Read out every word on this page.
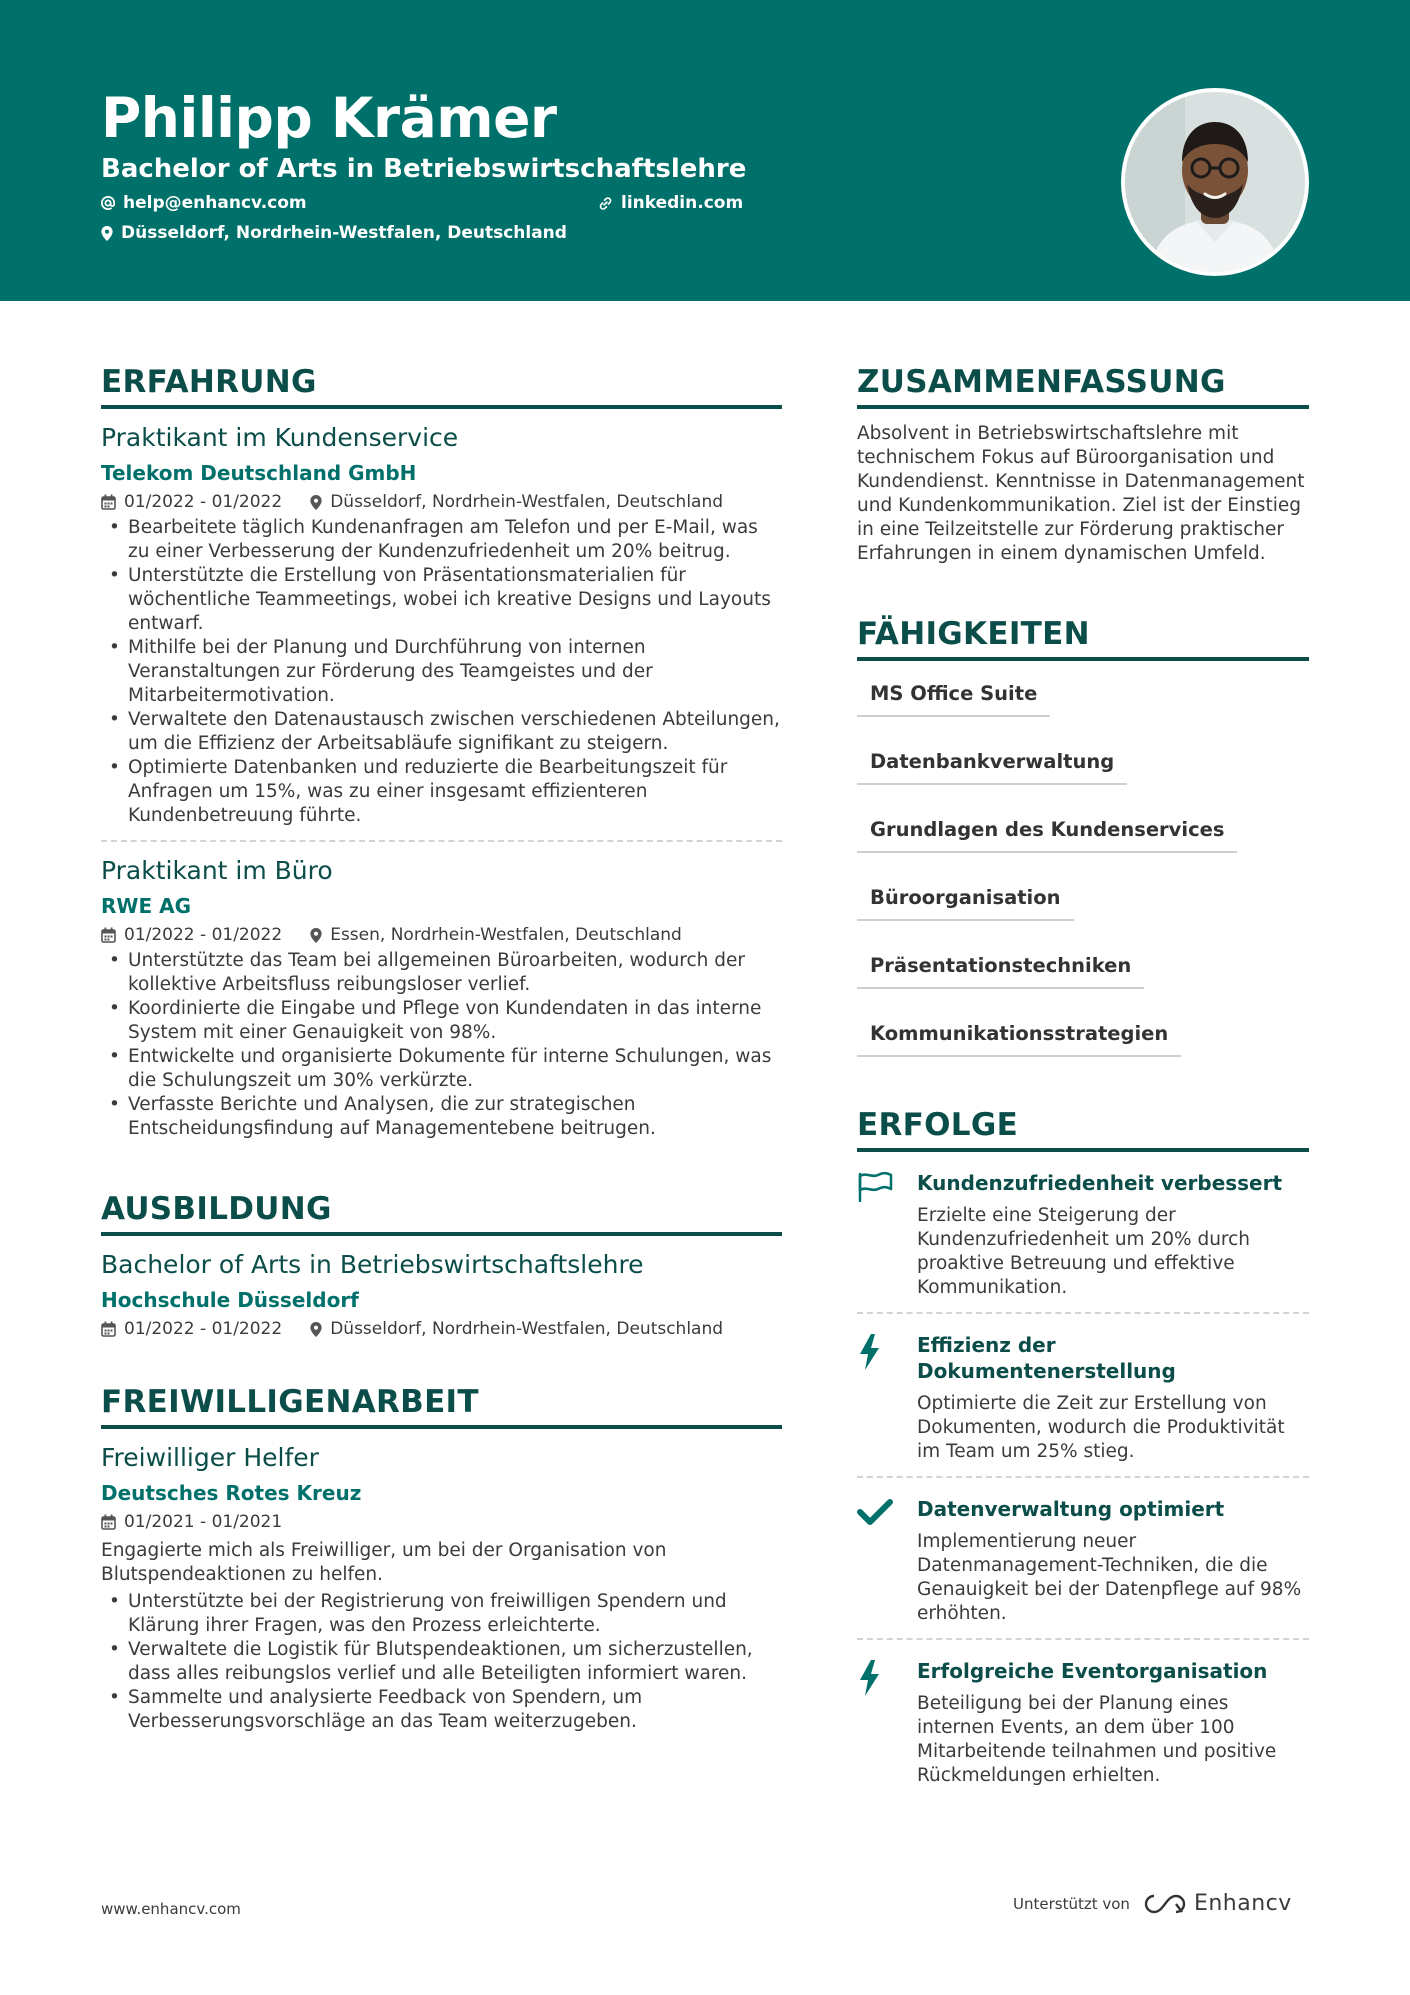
Philipp Krämer
Bachelor of Arts in Betriebswirtschaftslehre
help@enhancv.com	linkedin.com
Düsseldorf, Nordrhein-Westfalen, Deutschland
ERFAHRUNG
Praktikant im Kundenservice
Telekom Deutschland GmbH
01/2022 - 01/2022	Düsseldorf, Nordrhein-Westfalen, Deutschland
• Bearbeitete täglich Kundenanfragen am Telefon und per E-Mail, was zu einer Verbesserung der Kundenzufriedenheit um 20% beitrug.
• Unterstützte die Erstellung von Präsentationsmaterialien für wöchentliche Teammeetings, wobei ich kreative Designs und Layouts entwarf.
• Mithilfe bei der Planung und Durchführung von internen Veranstaltungen zur Förderung des Teamgeistes und der Mitarbeitermotivation.
• Verwaltete den Datenaustausch zwischen verschiedenen Abteilungen, um die Effizienz der Arbeitsabläufe signifikant zu steigern.
• Optimierte Datenbanken und reduzierte die Bearbeitungszeit für Anfragen um 15%, was zu einer insgesamt effizienteren Kundenbetreuung führte.
Praktikant im Büro
RWE AG
01/2022 - 01/2022	Essen, Nordrhein-Westfalen, Deutschland
• Unterstützte das Team bei allgemeinen Büroarbeiten, wodurch der kollektive Arbeitsfluss reibungsloser verlief.
• Koordinierte die Eingabe und Pflege von Kundendaten in das interne System mit einer Genauigkeit von 98%.
• Entwickelte und organisierte Dokumente für interne Schulungen, was die Schulungszeit um 30% verkürzte.
• Verfasste Berichte und Analysen, die zur strategischen Entscheidungsfindung auf Managementebene beitrugen.
AUSBILDUNG
Bachelor of Arts in Betriebswirtschaftslehre
Hochschule Düsseldorf
01/2022 - 01/2022	Düsseldorf, Nordrhein-Westfalen, Deutschland
FREIWILLIGENARBEIT
Freiwilliger Helfer
Deutsches Rotes Kreuz
01/2021 - 01/2021
Engagierte mich als Freiwilliger, um bei der Organisation von Blutspendeaktionen zu helfen.
• Unterstützte bei der Registrierung von freiwilligen Spendern und Klärung ihrer Fragen, was den Prozess erleichterte.
• Verwaltete die Logistik für Blutspendeaktionen, um sicherzustellen, dass alles reibungslos verlief und alle Beteiligten informiert waren.
• Sammelte und analysierte Feedback von Spendern, um Verbesserungsvorschläge an das Team weiterzugeben.
ZUSAMMENFASSUNG
Absolvent in Betriebswirtschaftslehre mit technischem Fokus auf Büroorganisation und Kundendienst. Kenntnisse in Datenmanagement und Kundenkommunikation. Ziel ist der Einstieg in eine Teilzeitstelle zur Förderung praktischer Erfahrungen in einem dynamischen Umfeld.
FÄHIGKEITEN
MS Office Suite
Datenbankverwaltung
Grundlagen des Kundenservices
Büroorganisation
Präsentationstechniken
Kommunikationsstrategien
ERFOLGE
Kundenzufriedenheit verbessert
Erzielte eine Steigerung der Kundenzufriedenheit um 20% durch proaktive Betreuung und effektive Kommunikation.
Effizienz der Dokumentenerstellung
Optimierte die Zeit zur Erstellung von Dokumenten, wodurch die Produktivität im Team um 25% stieg.
Datenverwaltung optimiert
Implementierung neuer Datenmanagement-Techniken, die die Genauigkeit bei der Datenpflege auf 98% erhöhten.
Erfolgreiche Eventorganisation
Beteiligung bei der Planung eines internen Events, an dem über 100 Mitarbeitende teilnahmen und positive Rückmeldungen erhielten.
www.enhancv.com	Unterstützt von	Enhancv
